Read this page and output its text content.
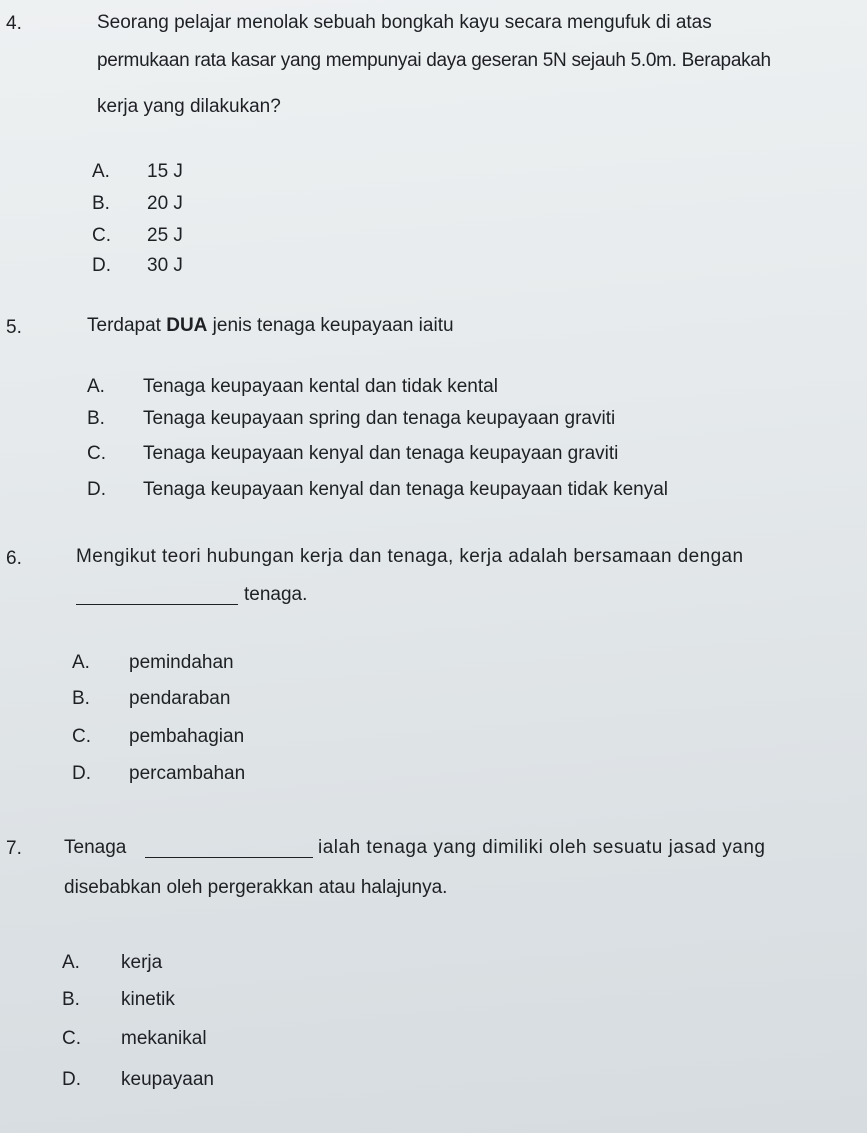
4.	Seorang pelajar menolak sebuah bongkah kayu secara mengufuk di atas
permukaan rata kasar yang mempunyai daya geseran 5N sejauh 5.0m. Berapakah
kerja yang dilakukan?
A. 15 J
B. 20 J
C. 25 J
D. 30 J
5.	Terdapat DUA jenis tenaga keupayaan iaitu
A. Tenaga keupayaan kental dan tidak kental
B. Tenaga keupayaan spring dan tenaga keupayaan graviti
C. Tenaga keupayaan kenyal dan tenaga keupayaan graviti
D. Tenaga keupayaan kenyal dan tenaga keupayaan tidak kenyal
6.	Mengikut teori hubungan kerja dan tenaga, kerja adalah bersamaan dengan
tenaga.
A. pemindahan
B. pendaraban
C. pembahagian
D. percambahan
7. Tenaga	ialah tenaga yang dimiliki oleh sesuatu jasad yang
disebabkan oleh pergerakkan atau halajunya.
A. kerja
B. kinetik
C. mekanikal
D. keupayaan
